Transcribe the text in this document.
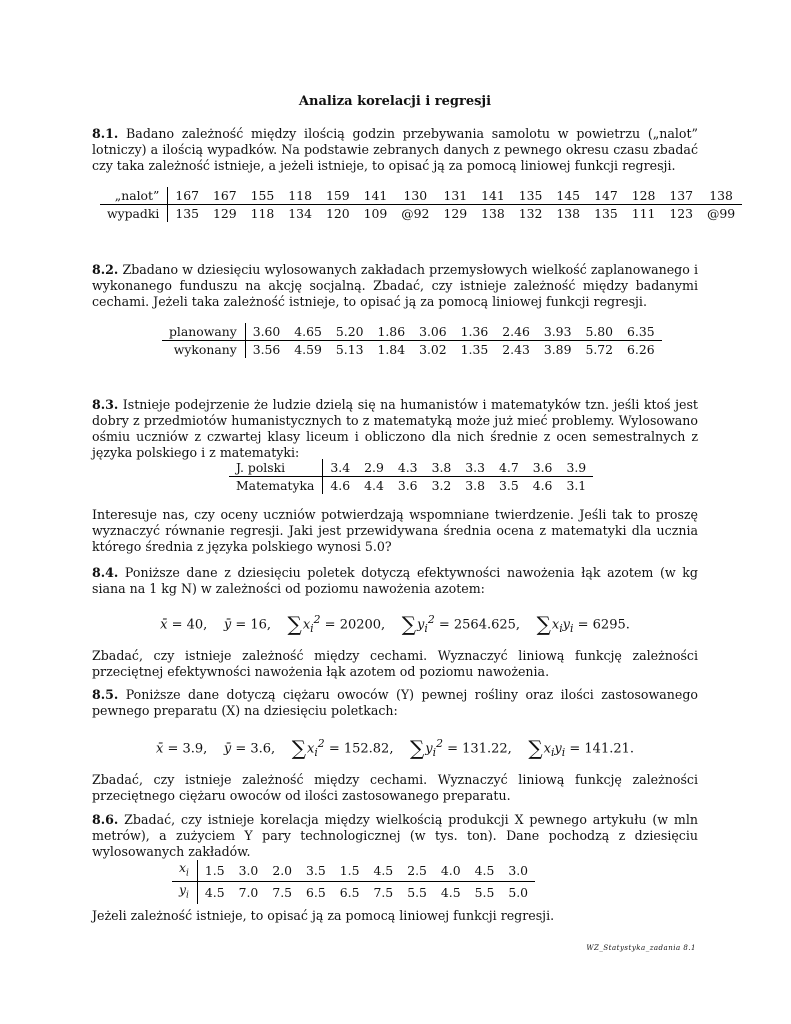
Analiza korelacji i regresji

8.1. Badano zależność między ilością godzin przebywania samolotu w powietrzu („nalot” lotniczy) a ilością wypadków. Na podstawie zebranych danych z pewnego okresu czasu zbadać czy taka zależność istnieje, a jeżeli istnieje, to opisać ją za pomocą liniowej funkcji regresji.

„nalot”	167	167	155	118	159	141	130	131	141	135	145	147	128	137	138
wypadki	135	129	118	134	120	109	@92	129	138	132	138	135	111	123	@99

8.2. Zbadano w dziesięciu wylosowanych zakładach przemysłowych wielkość zaplanowanego i wykonanego funduszu na akcję socjalną. Zbadać, czy istnieje zależność między badanymi cechami. Jeżeli taka zależność istnieje, to opisać ją za pomocą liniowej funkcji regresji.

planowany	3.60	4.65	5.20	1.86	3.06	1.36	2.46	3.93	5.80	6.35
wykonany	3.56	4.59	5.13	1.84	3.02	1.35	2.43	3.89	5.72	6.26

8.3. Istnieje podejrzenie że ludzie dzielą się na humanistów i matematyków tzn. jeśli ktoś jest dobry z przedmiotów humanistycznych to z matematyką może już mieć problemy. Wylosowano ośmiu uczniów z czwartej klasy liceum i obliczono dla nich średnie z ocen semestralnych z języka polskiego i z matematyki:

J. polski	3.4	2.9	4.3	3.8	3.3	4.7	3.6	3.9
Matematyka	4.6	4.4	3.6	3.2	3.8	3.5	4.6	3.1
Interesuje nas, czy oceny uczniów potwierdzają wspomniane twierdzenie. Jeśli tak to proszę wyznaczyć równanie regresji. Jaki jest przewidywana średnia ocena z matematyki dla ucznia którego średnia z języka polskiego wynosi 5.0?

8.4. Poniższe dane z dziesięciu poletek dotyczą efektywności nawożenia łąk azotem (w kg siana na 1 kg N) w zależności od poziomu nawożenia azotem:

x̄ = 40, ȳ = 16, $\sum x_i^2 = 20200$, $\sum y_i^2 = 2564.625$, $\sum x_iy_i = 6295$.
Zbadać, czy istnieje zależność między cechami. Wyznaczyć liniową funkcję zależności przeciętnej efektywności nawożenia łąk azotem od poziomu nawożenia.

8.5. Poniższe dane dotyczą ciężaru owoców (Y) pewnej rośliny oraz ilości zastosowanego pewnego preparatu (X) na dziesięciu poletkach:

x̄ = 3.9, ȳ = 3.6, $\sum x_i^2 = 152.82$, $\sum y_i^2 = 131.22$, $\sum x_iy_i = 141.21$.
Zbadać, czy istnieje zależność między cechami. Wyznaczyć liniową funkcję zależności przeciętnego ciężaru owoców od ilości zastosowanego preparatu.

8.6. Zbadać, czy istnieje korelacja między wielkością produkcji X pewnego artykułu (w mln metrów), a zużyciem Y pary technologicznej (w tys. ton). Dane pochodzą z dziesięciu wylosowanych zakładów.

$x_i$	1.5	3.0	2.0	3.5	1.5	4.5	2.5	4.0	4.5	3.0
$y_i$	4.5	7.0	7.5	6.5	6.5	7.5	5.5	4.5	5.5	5.0
Jeżeli zależność istnieje, to opisać ją za pomocą liniowej funkcji regresji.
WZ_Statystyka_zadania 8.1
